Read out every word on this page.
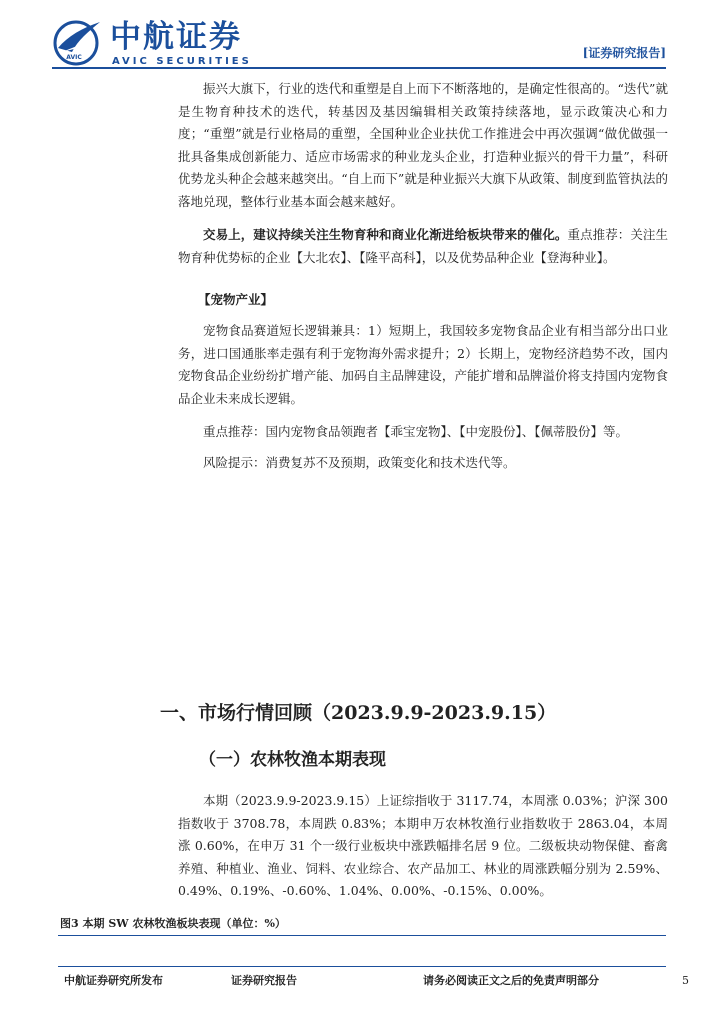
AVIC
中航证券
AVIC SECURITIES
[证券研究报告]

振兴大旗下，行业的迭代和重塑是自上而下不断落地的，是确定性很高的。“迭代”就是生物育种技术的迭代，转基因及基因编辑相关政策持续落地，显示政策决心和力度；“重塑”就是行业格局的重塑，全国种业企业扶优工作推进会中再次强调“做优做强一批具备集成创新能力、适应市场需求的种业龙头企业，打造种业振兴的骨干力量”，科研优势龙头种企会越来越突出。“自上而下”就是种业振兴大旗下从政策、制度到监管执法的落地兑现，整体行业基本面会越来越好。

交易上，建议持续关注生物育种和商业化渐进给板块带来的催化。重点推荐：关注生物育种优势标的企业【大北农】、【隆平高科】，以及优势品种企业【登海种业】。

【宠物产业】

宠物食品赛道短长逻辑兼具：1）短期上，我国较多宠物食品企业有相当部分出口业务，进口国通胀率走强有利于宠物海外需求提升；2）长期上，宠物经济趋势不改，国内宠物食品企业纷纷扩增产能、加码自主品牌建设，产能扩增和品牌溢价将支持国内宠物食品企业未来成长逻辑。

重点推荐：国内宠物食品领跑者【乖宝宠物】、【中宠股份】、【佩蒂股份】等。

风险提示：消费复苏不及预期，政策变化和技术迭代等。

一、市场行情回顾（2023.9.9-2023.9.15）
（一）农林牧渔本期表现

本期（2023.9.9-2023.9.15）上证综指收于 3117.74，本周涨 0.03%；沪深 300 指数收于 3708.78，本周跌 0.83%；本期申万农林牧渔行业指数收于 2863.04，本周涨 0.60%，在申万 31 个一级行业板块中涨跌幅排名居 9 位。二级板块动物保健、畜禽养殖、种植业、渔业、饲料、农业综合、农产品加工、林业的周涨跌幅分别为 2.59%、0.49%、0.19%、-0.60%、1.04%、0.00%、-0.15%、0.00%。

图3 本期 SW 农林牧渔板块表现（单位：%）
中航证券研究所发布	证券研究报告	请务必阅读正文之后的免责声明部分	5
